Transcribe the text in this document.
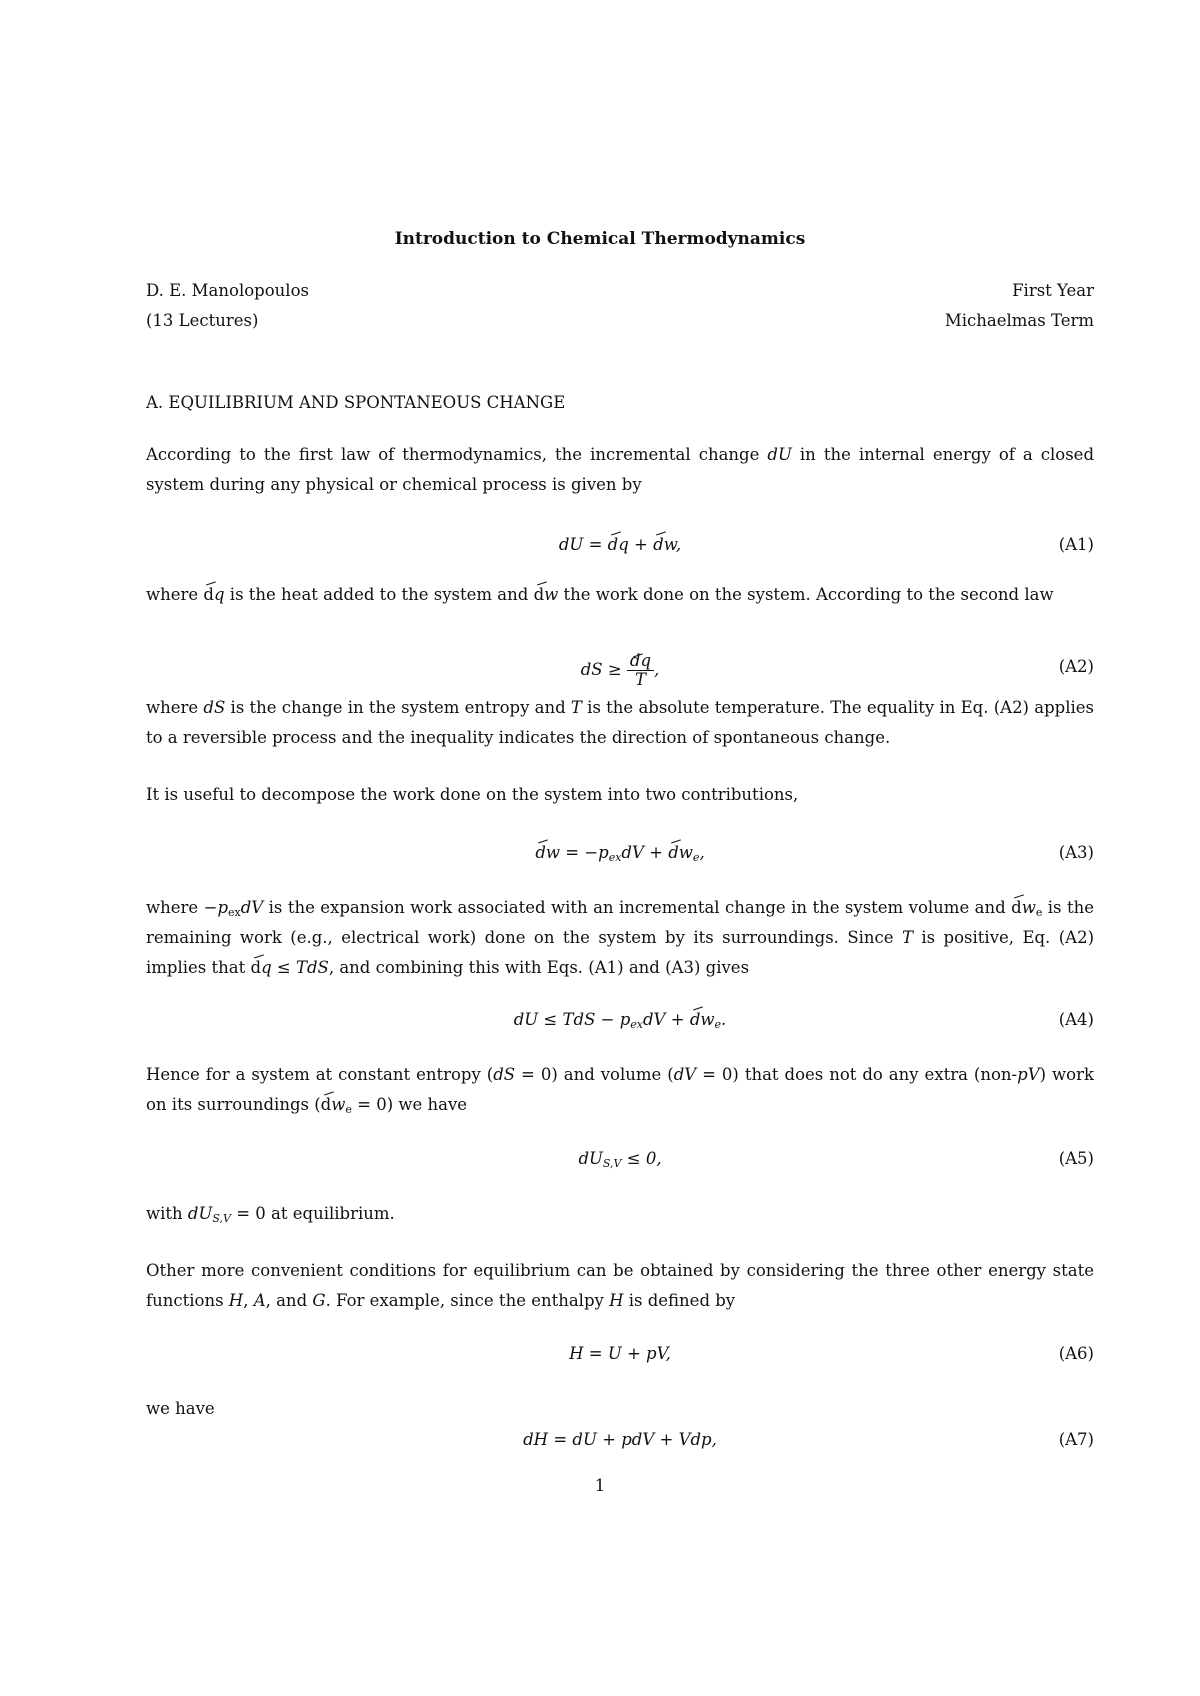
Introduction to Chemical Thermodynamics
D. E. Manolopoulos	First Year
(13 Lectures)	Michaelmas Term
A. EQUILIBRIUM AND SPONTANEOUS CHANGE
According to the first law of thermodynamics, the incremental change dU in the internal energy of a closed system during any physical or chemical process is given by
dU = dq + dw,	(A1)
where dq is the heat added to the system and dw the work done on the system. According to the second law
dS ≥ $\frac{dq}{T}$ ,	(A2)
where dS is the change in the system entropy and T is the absolute temperature. The equality in Eq. (A2) applies to a reversible process and the inequality indicates the direction of spontaneous change.
It is useful to decompose the work done on the system into two contributions,
dw = $-p_{ex}dV + dw_e$,	(A3)
where $-p_{ex}dV$ is the expansion work associated with an incremental change in the system volume and $dw_e$ is the remaining work (e.g., electrical work) done on the system by its surroundings. Since T is positive, Eq. (A2) implies that dq ≤ TdS, and combining this with Eqs. (A1) and (A3) gives
dU ≤ TdS − $p_{ex}dV + dw_e$.	(A4)
Hence for a system at constant entropy (dS = 0) and volume (dV = 0) that does not do any extra (non-pV) work on its surroundings $(dw_e = 0)$ we have
$dU_{S,V} \le 0$,	(A5)
with $dU_{S,V} = 0$ at equilibrium.
Other more convenient conditions for equilibrium can be obtained by considering the three other energy state functions H, A, and G. For example, since the enthalpy H is defined by
H = U + pV,	(A6)
we have
dH = dU + pdV + Vdp,	(A7)
1
